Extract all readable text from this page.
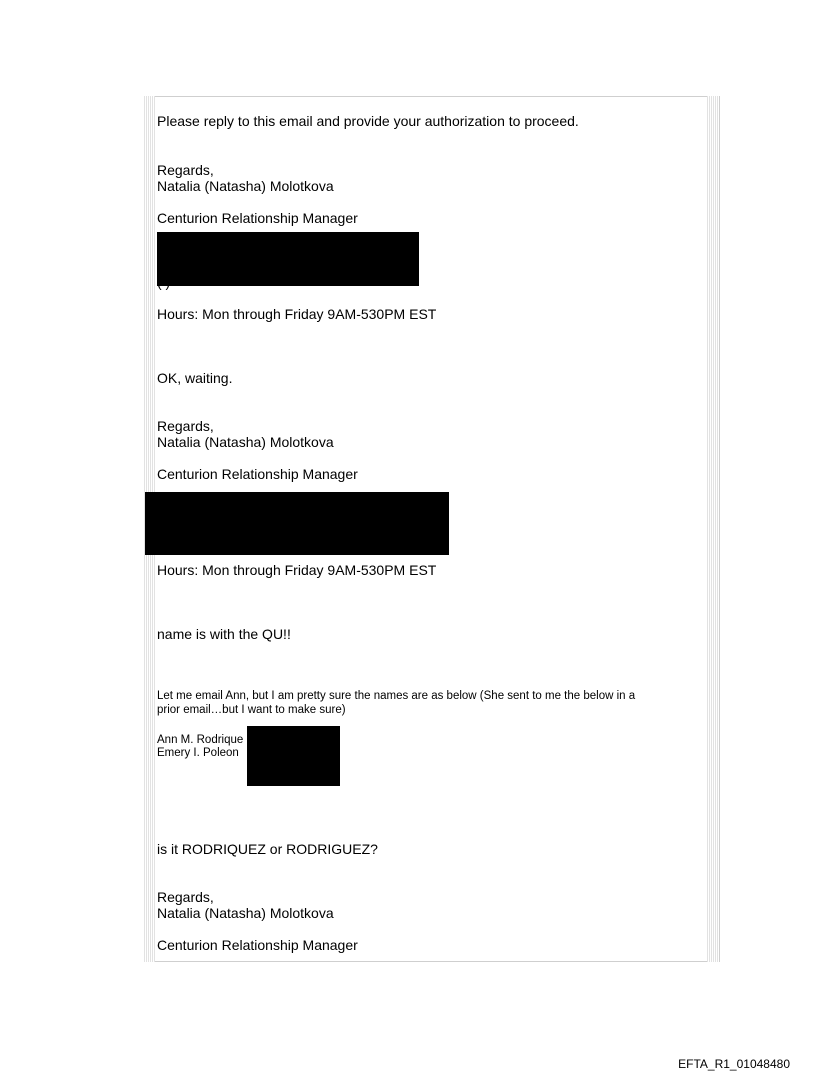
Please reply to this email and provide your authorization to proceed.

Regards,

Natalia (Natasha) Molotkova

Centurion Relationship Manager

Hours: Mon through Friday 9AM-530PM EST

OK, waiting.

Regards,

Natalia (Natasha) Molotkova

Centurion Relationship Manager

Hours: Mon through Friday 9AM-530PM EST

name is with the QU!!

Let me email Ann, but I am pretty sure the names are as below (She sent to me the below in a

prior email…but I want to make sure)

Ann M. Rodrique

Emery I. Poleon

is it RODRIQUEZ or RODRIGUEZ?

Regards,

Natalia (Natasha) Molotkova

Centurion Relationship Manager

EFTA_R1_01048480
